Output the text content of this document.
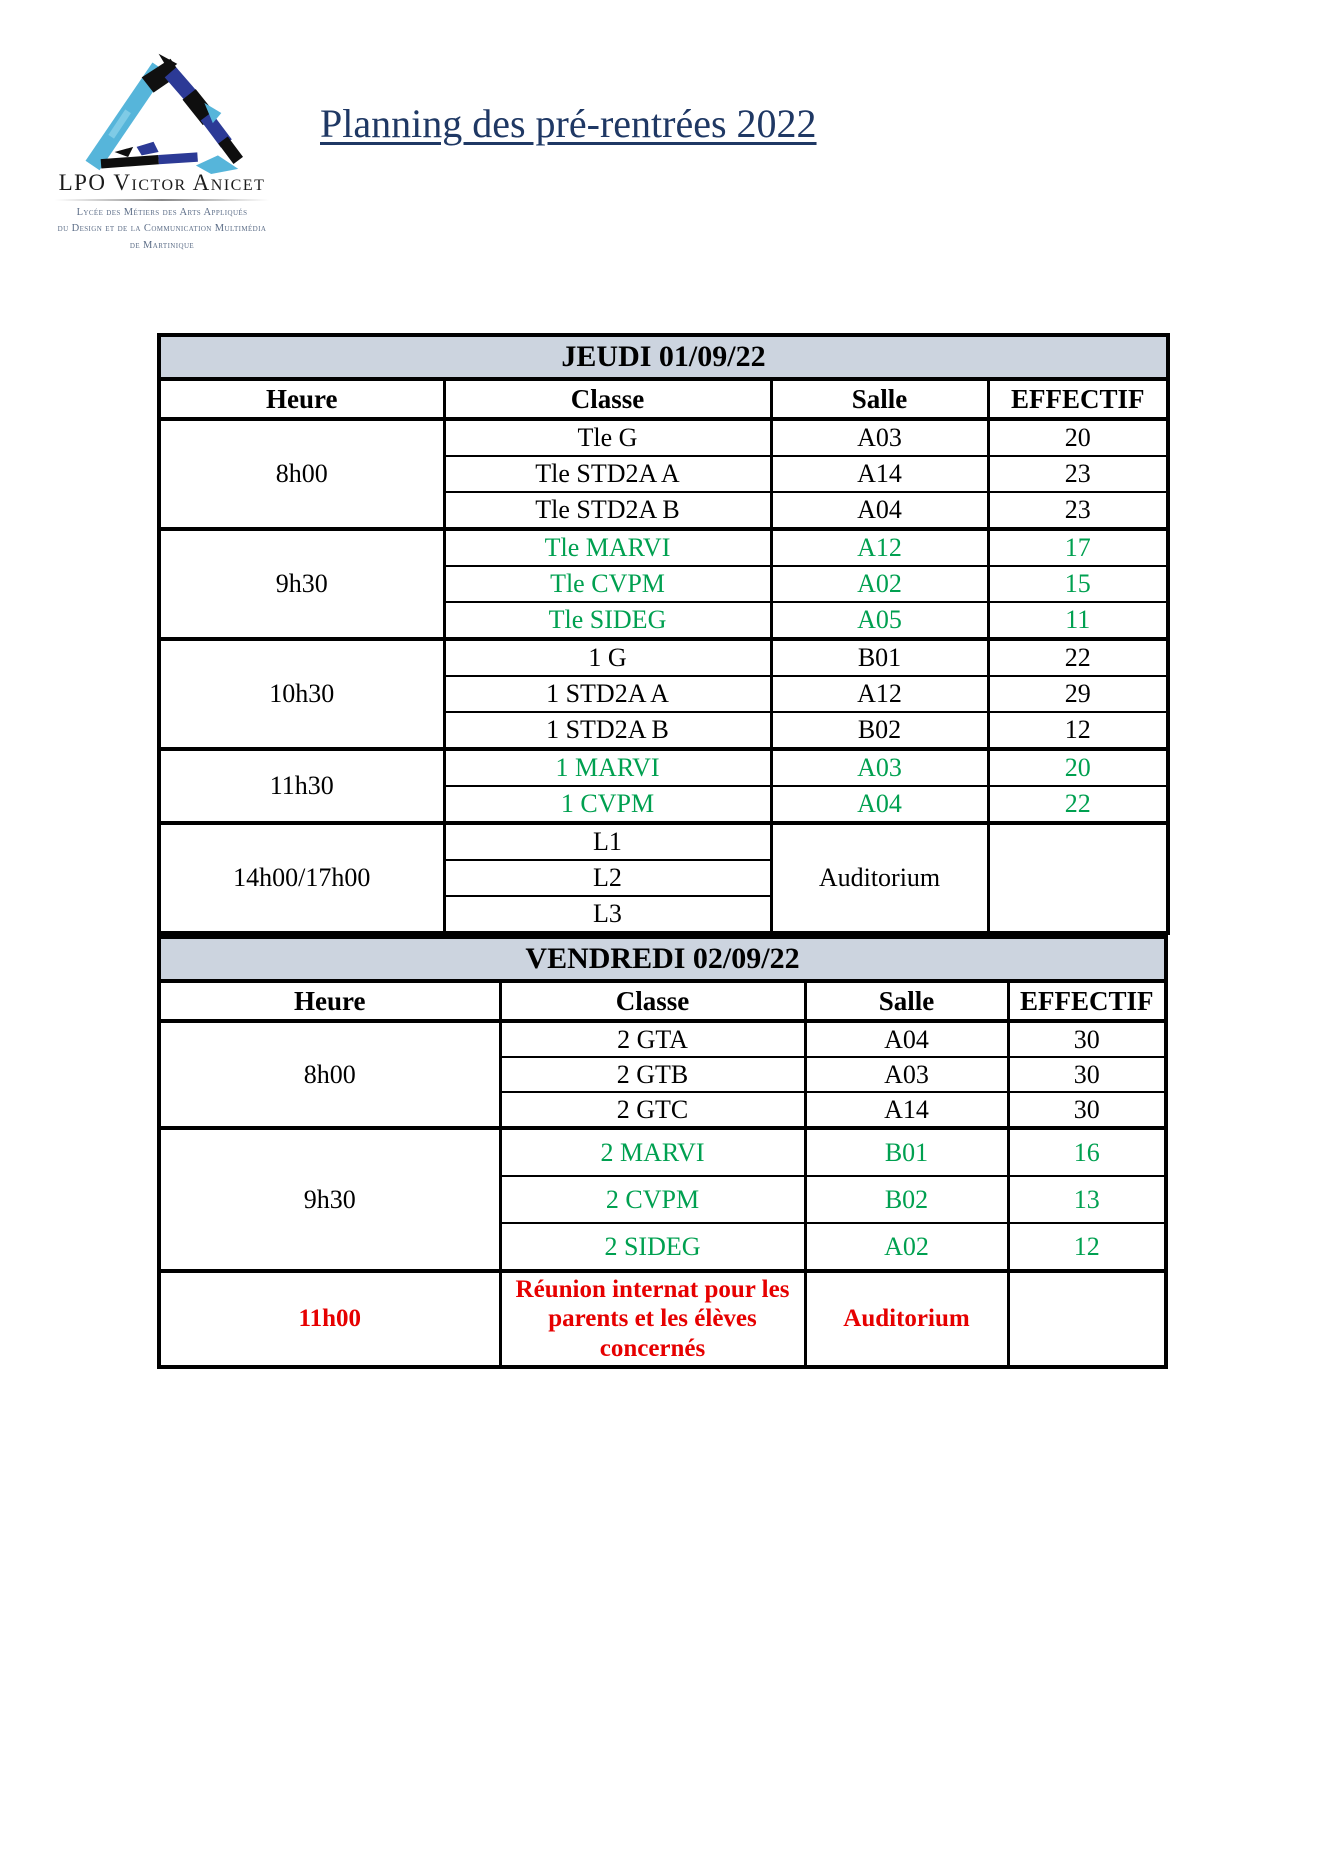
LPO Victor Anicet
Lycée des Métiers des Arts Appliqués
du Design et de la Communication Multimédia
de Martinique
Planning des pré-rentrées 2022
JEUDI 01/09/22			
Heure	Classe	Salle	EFFECTIF
8h00	Tle G	A03	20
	Tle STD2A A	A14	23
	Tle STD2A B	A04	23
9h30	Tle MARVI	A12	17
	Tle CVPM	A02	15
	Tle SIDEG	A05	11
10h30	1 G	B01	22
	1 STD2A A	A12	29
	1 STD2A B	B02	12
11h30	1 MARVI	A03	20
	1 CVPM	A04	22
14h00/17h00	L1	Auditorium	
	L2		
	L3		
VENDREDI 02/09/22			
Heure	Classe	Salle	EFFECTIF
8h00	2 GTA	A04	30
	2 GTB	A03	30
	2 GTC	A14	30
9h30	2 MARVI	B01	16
	2 CVPM	B02	13
	2 SIDEG	A02	12
11h00	Réunion internat pour les parents et les élèves concernés	Auditorium	
